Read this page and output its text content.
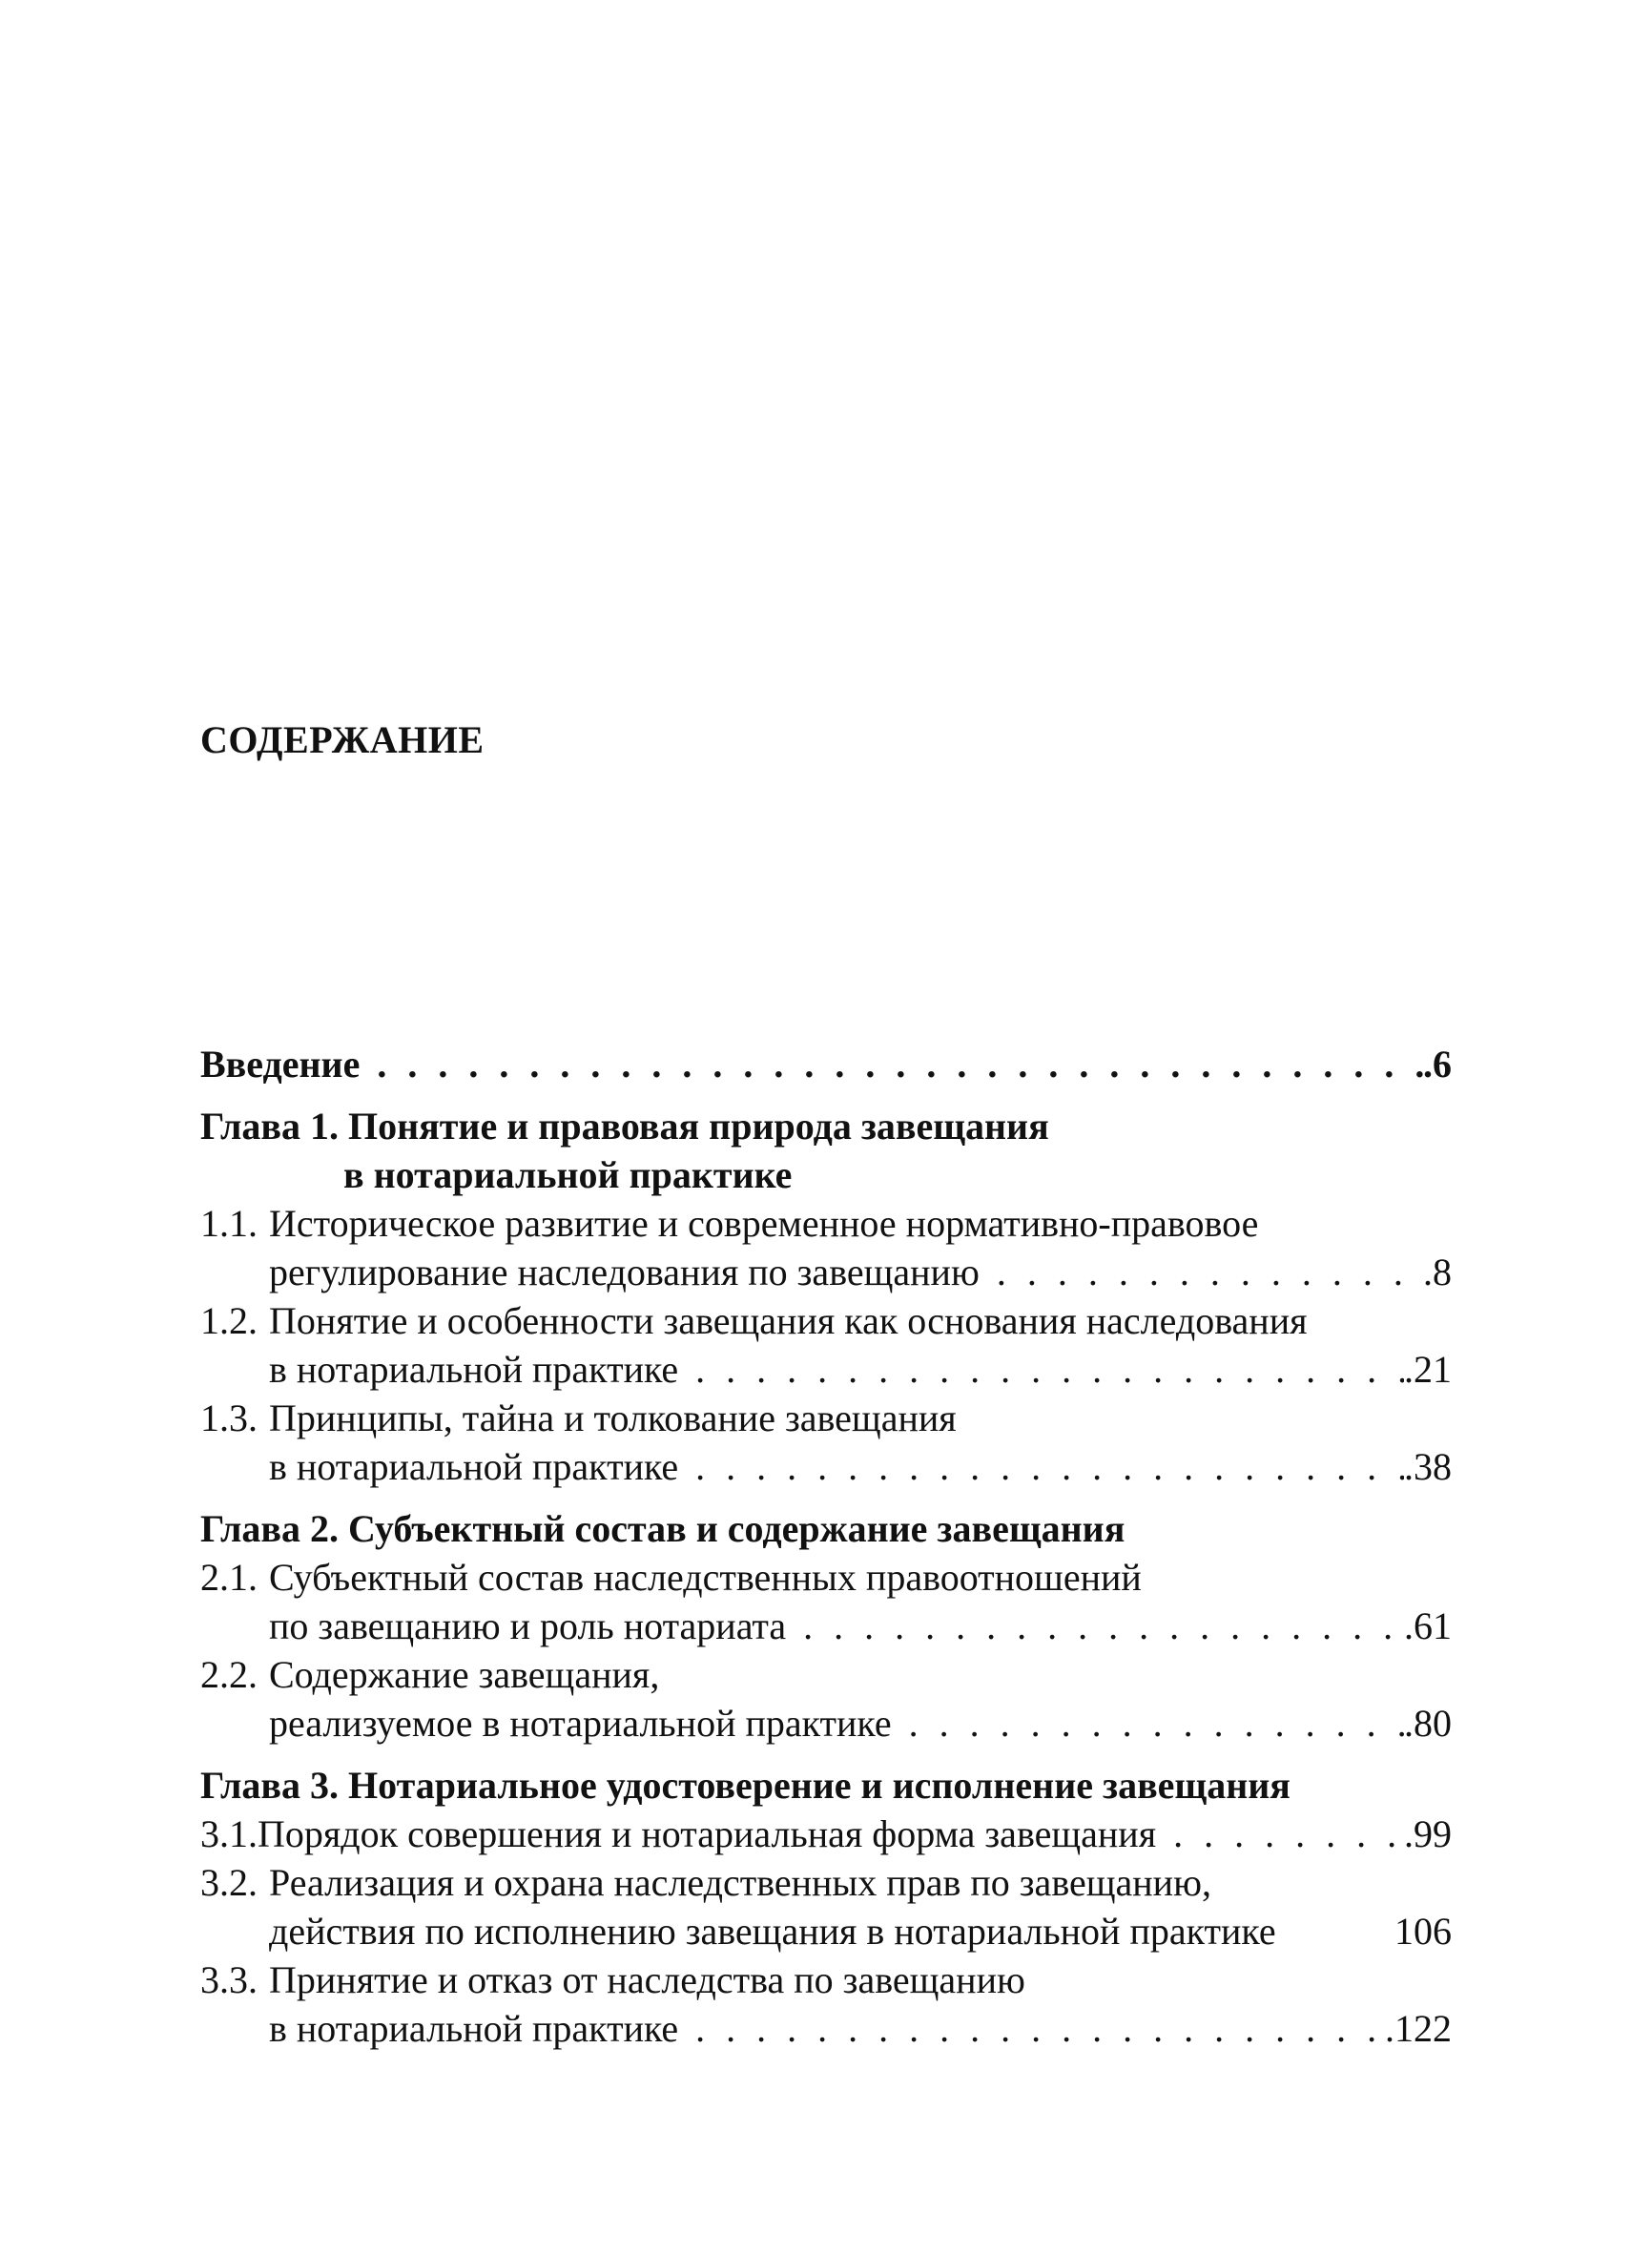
СОДЕРЖАНИЕ
Введение . . .	.6
Глава 1. Понятие и правовая природа завещания
в нотариальной практике
1.1. Историческое развитие и современное нормативно-правовое
регулирование наследования по завещанию . . .	.8
1.2. Понятие и особенности завещания как основания наследования
в нотариальной практике . . .	.21
1.3. Принципы, тайна и толкование завещания
в нотариальной практике . . .	.38
Глава 2. Субъектный состав и содержание завещания
2.1. Субъектный состав наследственных правоотношений
по завещанию и роль нотариата . . .	.61
2.2. Содержание завещания,
реализуемое в нотариальной практике . . .	.80
Глава 3. Нотариальное удостоверение и исполнение завещания
3.1. Порядок совершения и нотариальная форма завещания . . .	.99
3.2. Реализация и охрана наследственных прав по завещанию,
действия по исполнению завещания в нотариальной практике	106
3.3. Принятие и отказ от наследства по завещанию
в нотариальной практике . . .	.122
